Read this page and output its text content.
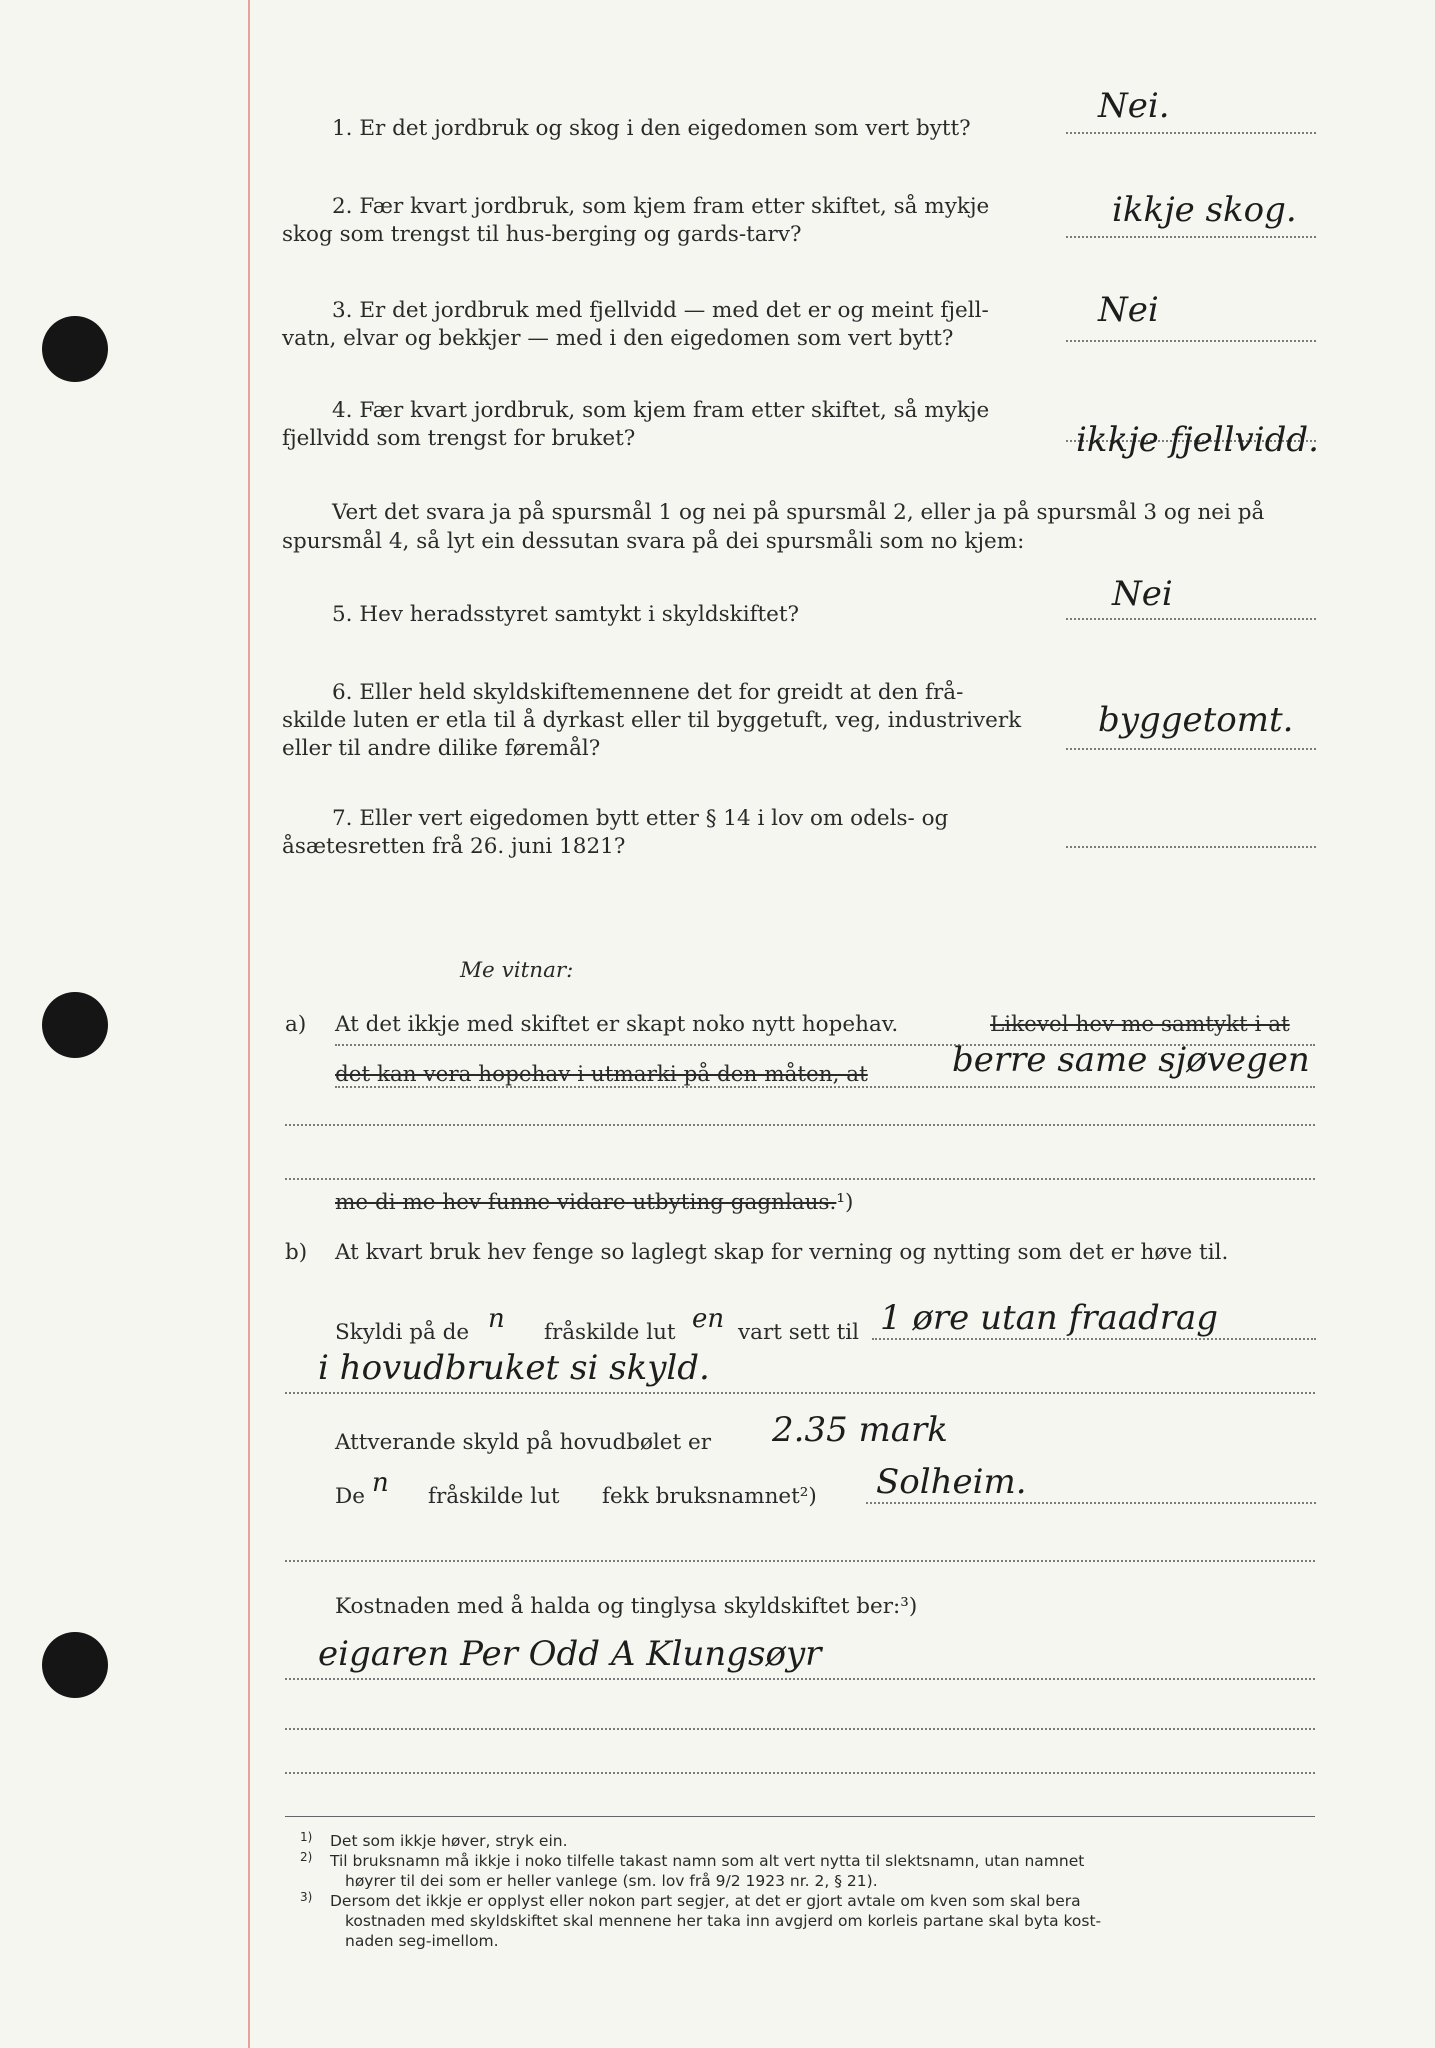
1. Er det jordbruk og skog i den eigedomen som vert bytt?
Nei.
2. Fær kvart jordbruk, som kjem fram etter skiftet, så mykje
skog som trengst til hus-berging og gards-tarv?
ikkje skog.
3. Er det jordbruk med fjellvidd — med det er og meint fjell-
vatn, elvar og bekkjer — med i den eigedomen som vert bytt?
Nei
4. Fær kvart jordbruk, som kjem fram etter skiftet, så mykje
fjellvidd som trengst for bruket?	ikkje fjellvidd.
Vert det svara ja på spursmål 1 og nei på spursmål 2, eller ja på spursmål 3 og nei på
spursmål 4, så lyt ein dessutan svara på dei spursmåli som no kjem:
5. Hev heradsstyret samtykt i skyldskiftet?
Nei
6. Eller held skyldskiftemennene det for greidt at den frå-
skilde luten er etla til å dyrkast eller til byggetuft, veg, industriverk
eller til andre dilike føremål?
byggetomt.
7. Eller vert eigedomen bytt etter § 14 i lov om odels- og
åsætesretten frå 26. juni 1821?
Me vitnar:
a) At det ikkje med skiftet er skapt noko nytt hopehav.	Likevel hev me samtykt i at
det kan vera hopehav i utmarki på den måten, at berre same sjøvegen
me di me hev funne vidare utbyting gagnlaus.¹)
b) At kvart bruk hev fenge so laglegt skap for verning og nytting som det er høve til.
Skyldi på de n fråskilde lut en vart sett til 1 øre utan fraadrag
i hovudbruket si skyld.
Attverande skyld på hovudbølet er 2.35 mark
De n fråskilde lut fekk bruksnamnet²) Solheim.
Kostnaden med å halda og tinglysa skyldskiftet ber:³)
eigaren Per Odd A Klungsøyr
1) Det som ikkje høver, stryk ein.
2) Til bruksnamn må ikkje i noko tilfelle takast namn som alt vert nytta til slektsnamn, utan namnet
høyrer til dei som er heller vanlege (sm. lov frå 9/2 1923 nr. 2, § 21).
3) Dersom det ikkje er opplyst eller nokon part segjer, at det er gjort avtale om kven som skal bera
kostnaden med skyldskiftet skal mennene her taka inn avgjerd om korleis partane skal byta kost-
naden seg-imellom.
